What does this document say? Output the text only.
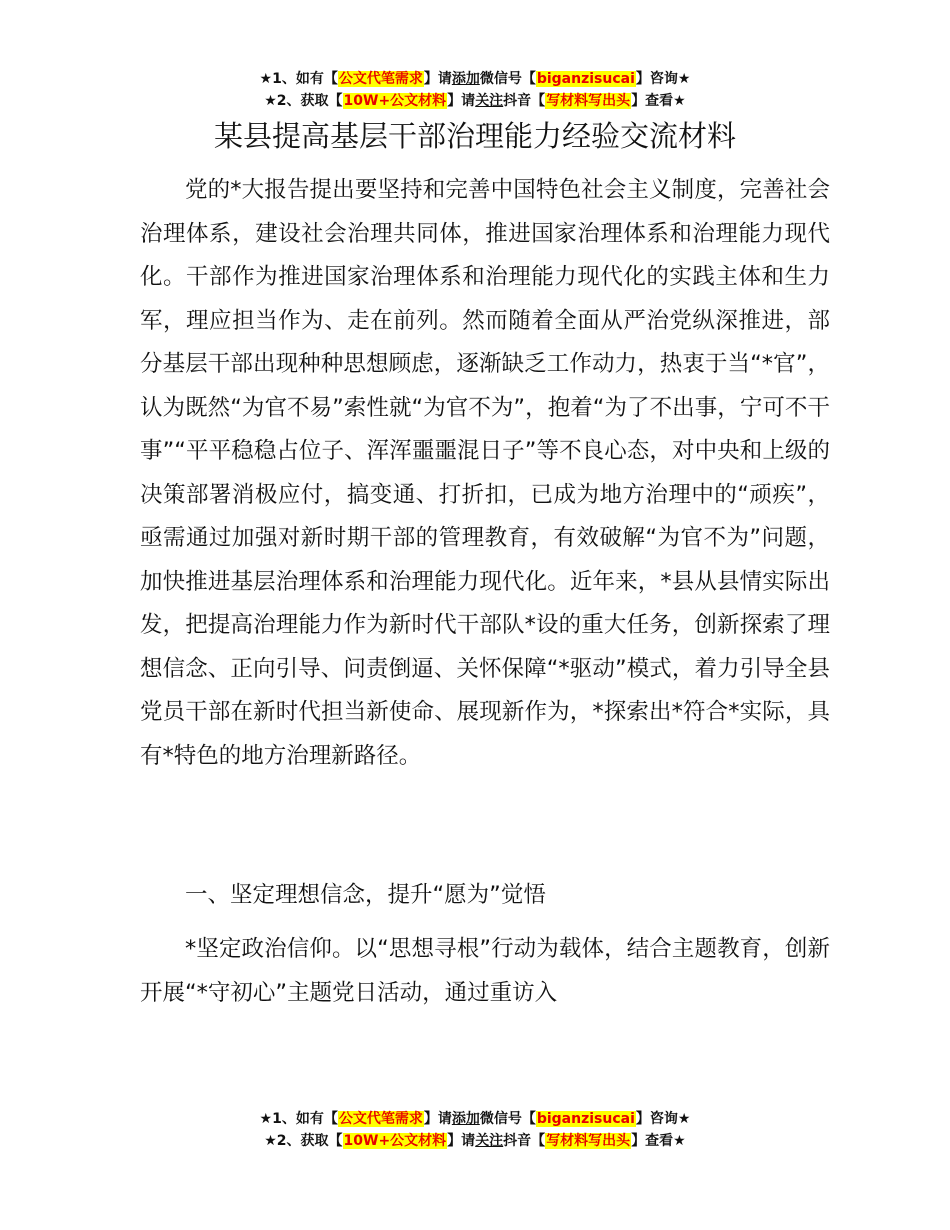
★1、如有【公文代笔需求】请添加微信号【biganzisucai】咨询★
★2、获取【10W+公文材料】请关注抖音【写材料写出头】查看★
某县提高基层干部治理能力经验交流材料

党的*大报告提出要坚持和完善中国特色社会主义制度，完善社会治理体系，建设社会治理共同体，推进国家治理体系和治理能力现代化。干部作为推进国家治理体系和治理能力现代化的实践主体和生力军，理应担当作为、走在前列。然而随着全面从严治党纵深推进，部分基层干部出现种种思想顾虑，逐渐缺乏工作动力，热衷于当“*官”，认为既然“为官不易”索性就“为官不为”，抱着“为了不出事，宁可不干事”“平平稳稳占位子、浑浑噩噩混日子”等不良心态，对中央和上级的决策部署消极应付，搞变通、打折扣，已成为地方治理中的“顽疾”，亟需通过加强对新时期干部的管理教育，有效破解“为官不为”问题，加快推进基层治理体系和治理能力现代化。近年来，*县从县情实际出发，把提高治理能力作为新时代干部队*设的重大任务，创新探索了理想信念、正向引导、问责倒逼、关怀保障“*驱动”模式，着力引导全县党员干部在新时代担当新使命、展现新作为，*探索出*符合*实际，具有*特色的地方治理新路径。

一、坚定理想信念，提升“愿为”觉悟

*坚定政治信仰。以“思想寻根”行动为载体，结合主题教育，创新开展“*守初心”主题党日活动，通过重访入

★1、如有【公文代笔需求】请添加微信号【biganzisucai】咨询★
★2、获取【10W+公文材料】请关注抖音【写材料写出头】查看★
